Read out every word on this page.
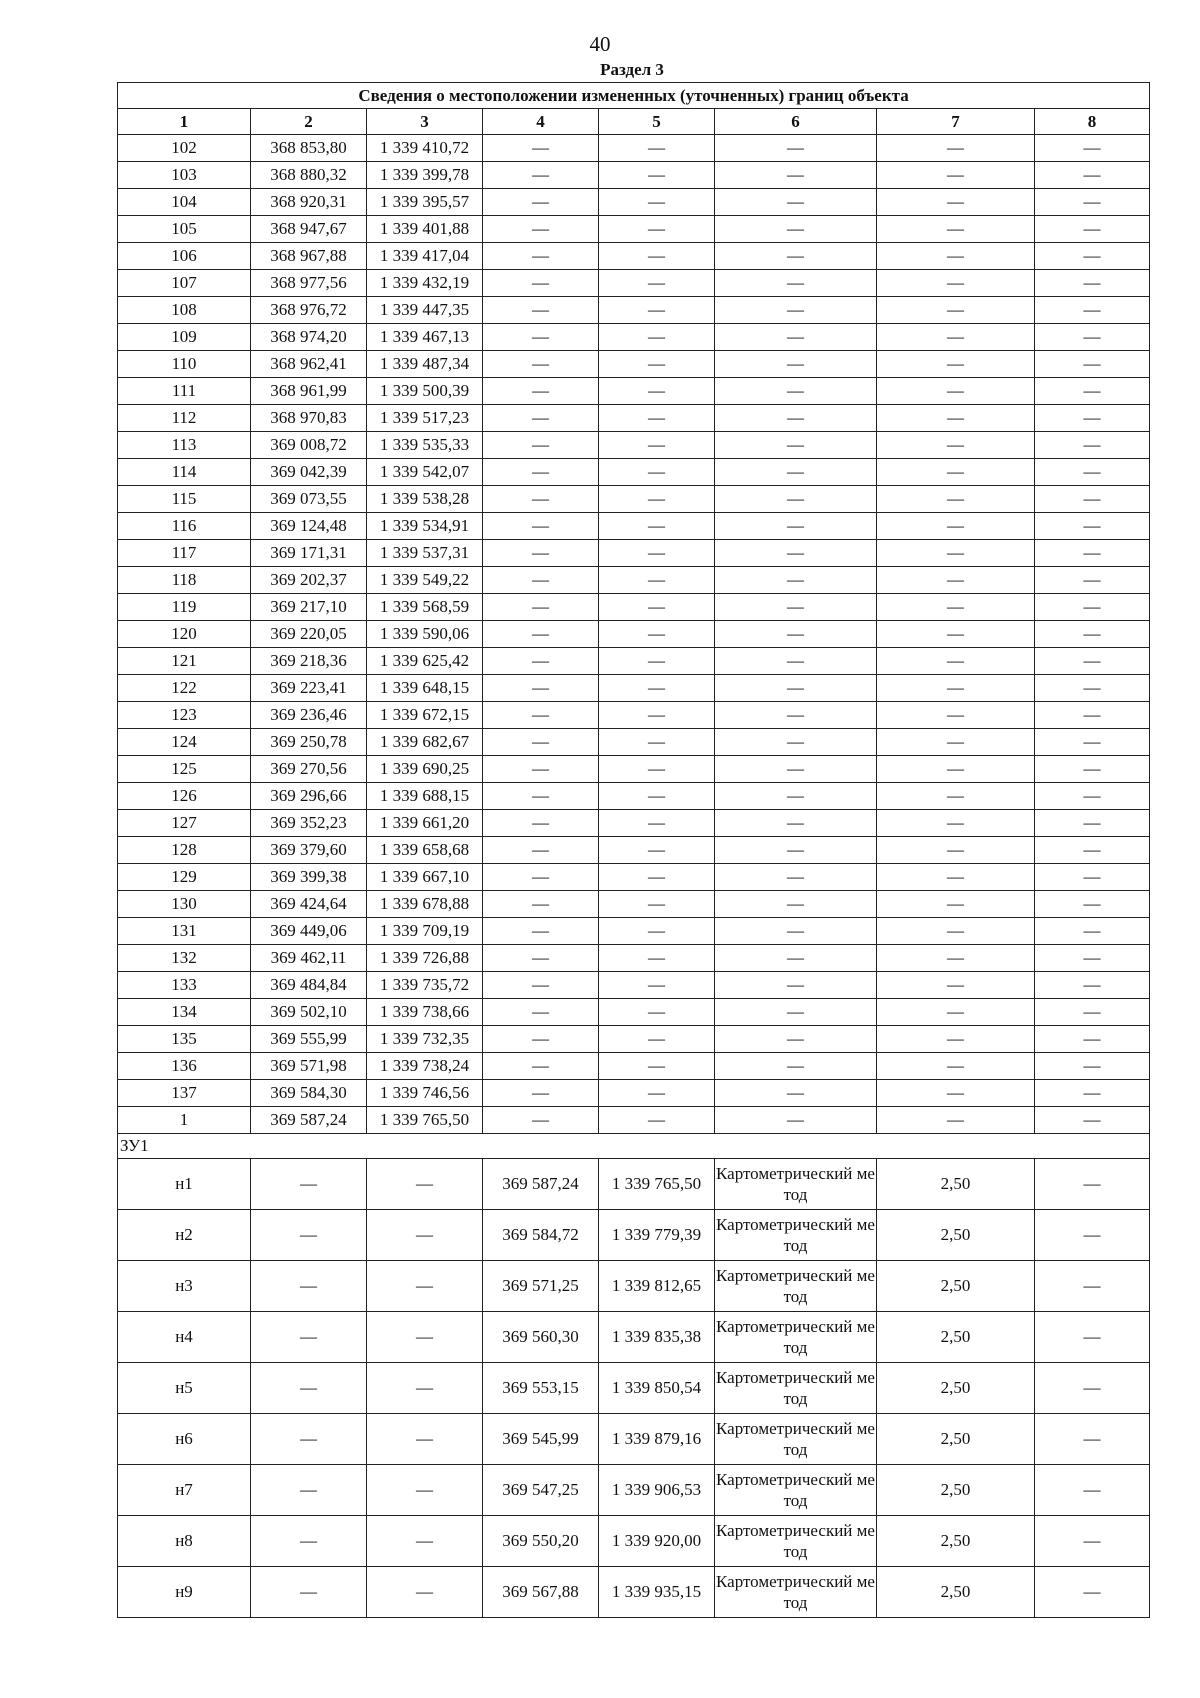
40
Раздел 3
Сведения о местоположении измененных (уточненных) границ объекта							
1	2	3	4	5	6	7	8
102	368 853,80	1 339 410,72	—	—	—	—	—
103	368 880,32	1 339 399,78	—	—	—	—	—
104	368 920,31	1 339 395,57	—	—	—	—	—
105	368 947,67	1 339 401,88	—	—	—	—	—
106	368 967,88	1 339 417,04	—	—	—	—	—
107	368 977,56	1 339 432,19	—	—	—	—	—
108	368 976,72	1 339 447,35	—	—	—	—	—
109	368 974,20	1 339 467,13	—	—	—	—	—
110	368 962,41	1 339 487,34	—	—	—	—	—
111	368 961,99	1 339 500,39	—	—	—	—	—
112	368 970,83	1 339 517,23	—	—	—	—	—
113	369 008,72	1 339 535,33	—	—	—	—	—
114	369 042,39	1 339 542,07	—	—	—	—	—
115	369 073,55	1 339 538,28	—	—	—	—	—
116	369 124,48	1 339 534,91	—	—	—	—	—
117	369 171,31	1 339 537,31	—	—	—	—	—
118	369 202,37	1 339 549,22	—	—	—	—	—
119	369 217,10	1 339 568,59	—	—	—	—	—
120	369 220,05	1 339 590,06	—	—	—	—	—
121	369 218,36	1 339 625,42	—	—	—	—	—
122	369 223,41	1 339 648,15	—	—	—	—	—
123	369 236,46	1 339 672,15	—	—	—	—	—
124	369 250,78	1 339 682,67	—	—	—	—	—
125	369 270,56	1 339 690,25	—	—	—	—	—
126	369 296,66	1 339 688,15	—	—	—	—	—
127	369 352,23	1 339 661,20	—	—	—	—	—
128	369 379,60	1 339 658,68	—	—	—	—	—
129	369 399,38	1 339 667,10	—	—	—	—	—
130	369 424,64	1 339 678,88	—	—	—	—	—
131	369 449,06	1 339 709,19	—	—	—	—	—
132	369 462,11	1 339 726,88	—	—	—	—	—
133	369 484,84	1 339 735,72	—	—	—	—	—
134	369 502,10	1 339 738,66	—	—	—	—	—
135	369 555,99	1 339 732,35	—	—	—	—	—
136	369 571,98	1 339 738,24	—	—	—	—	—
137	369 584,30	1 339 746,56	—	—	—	—	—
1	369 587,24	1 339 765,50	—	—	—	—	—
ЗУ1							
н1	—	—	369 587,24	1 339 765,50	Картометрический метод	2,50	—
н2	—	—	369 584,72	1 339 779,39	Картометрический метод	2,50	—
н3	—	—	369 571,25	1 339 812,65	Картометрический метод	2,50	—
н4	—	—	369 560,30	1 339 835,38	Картометрический метод	2,50	—
н5	—	—	369 553,15	1 339 850,54	Картометрический метод	2,50	—
н6	—	—	369 545,99	1 339 879,16	Картометрический метод	2,50	—
н7	—	—	369 547,25	1 339 906,53	Картометрический метод	2,50	—
н8	—	—	369 550,20	1 339 920,00	Картометрический метод	2,50	—
н9	—	—	369 567,88	1 339 935,15	Картометрический метод	2,50	—
